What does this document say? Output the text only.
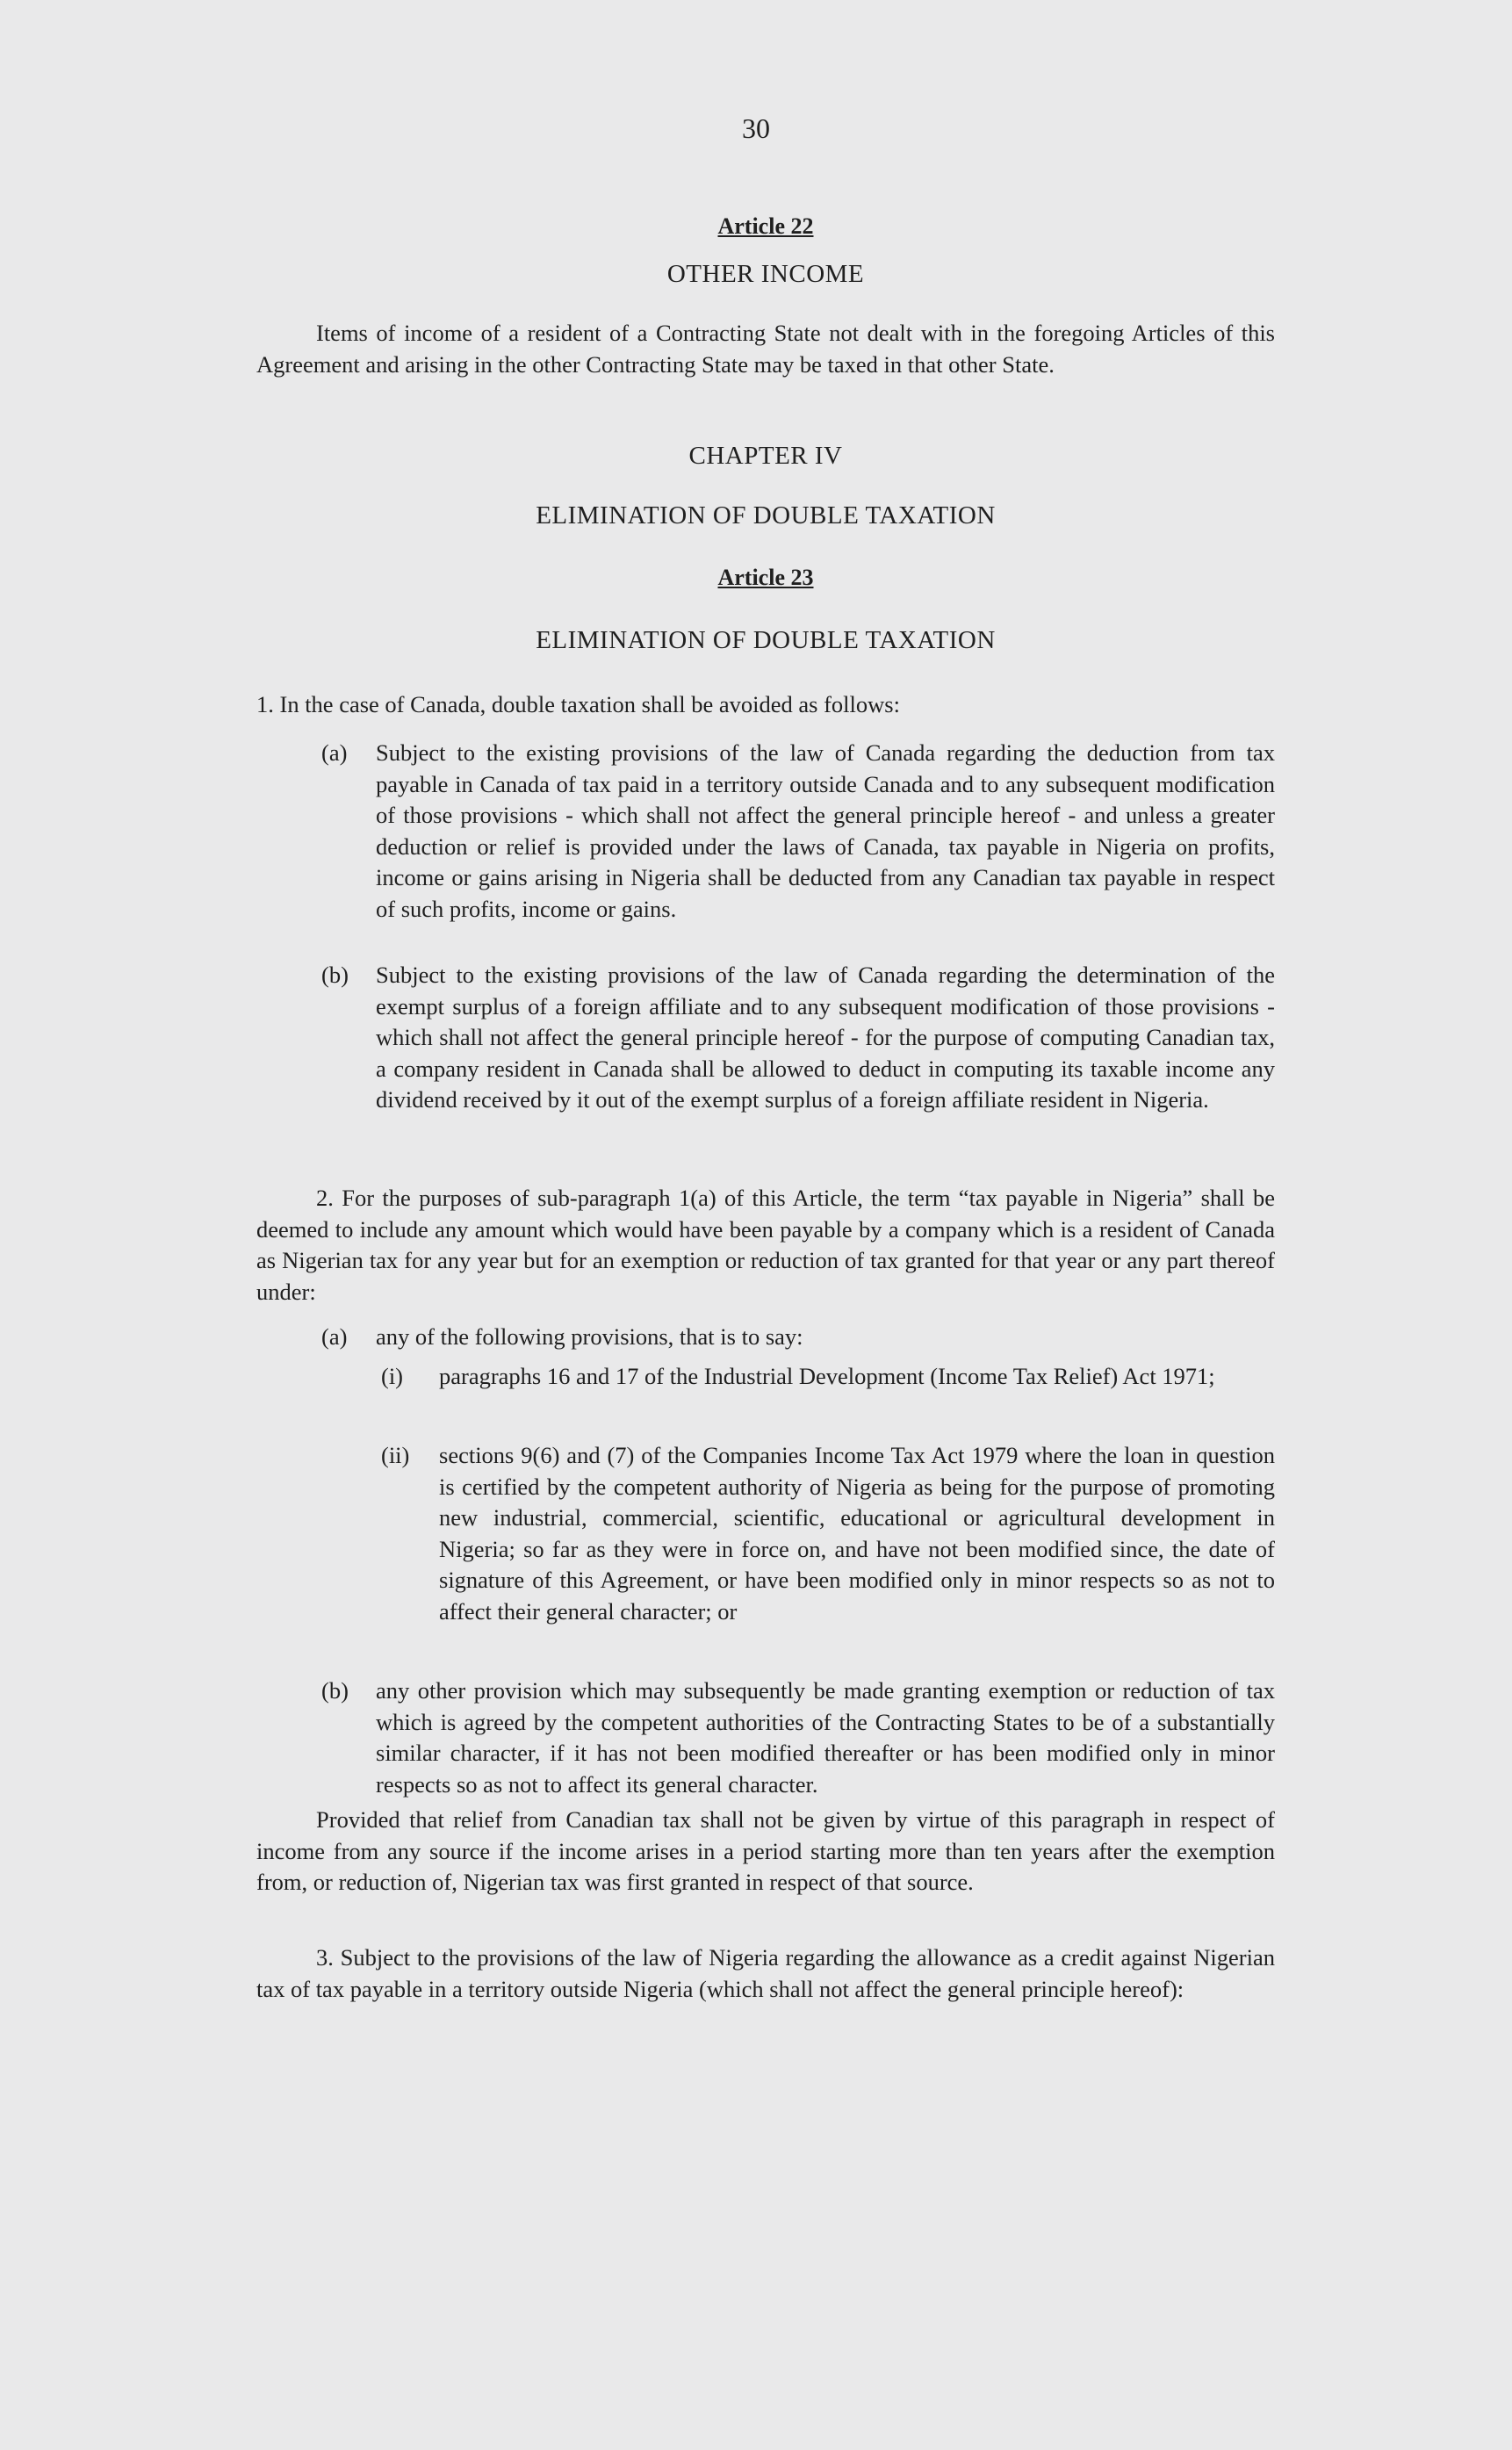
30
Article 22
OTHER INCOME

Items of income of a resident of a Contracting State not dealt with in the foregoing Articles of this Agreement and arising in the other Contracting State may be taxed in that other State.

CHAPTER IV
ELIMINATION OF DOUBLE TAXATION
Article 23
ELIMINATION OF DOUBLE TAXATION

1. In the case of Canada, double taxation shall be avoided as follows:

(a) Subject to the existing provisions of the law of Canada regarding the deduction from tax payable in Canada of tax paid in a territory outside Canada and to any subsequent modification of those provisions - which shall not affect the general principle hereof - and unless a greater deduction or relief is provided under the laws of Canada, tax payable in Nigeria on profits, income or gains arising in Nigeria shall be deducted from any Canadian tax payable in respect of such profits, income or gains.
(b) Subject to the existing provisions of the law of Canada regarding the determination of the exempt surplus of a foreign affiliate and to any subsequent modification of those provisions - which shall not affect the general principle hereof - for the purpose of computing Canadian tax, a company resident in Canada shall be allowed to deduct in computing its taxable income any dividend received by it out of the exempt surplus of a foreign affiliate resident in Nigeria.

2. For the purposes of sub-paragraph 1(a) of this Article, the term “tax payable in Nigeria” shall be deemed to include any amount which would have been payable by a company which is a resident of Canada as Nigerian tax for any year but for an exemption or reduction of tax granted for that year or any part thereof under:

(a) any of the following provisions, that is to say:
(i) paragraphs 16 and 17 of the Industrial Development (Income Tax Relief) Act 1971;
(ii) sections 9(6) and (7) of the Companies Income Tax Act 1979 where the loan in question is certified by the competent authority of Nigeria as being for the purpose of promoting new industrial, commercial, scientific, educational or agricultural development in Nigeria; so far as they were in force on, and have not been modified since, the date of signature of this Agreement, or have been modified only in minor respects so as not to affect their general character; or
(b) any other provision which may subsequently be made granting exemption or reduction of tax which is agreed by the competent authorities of the Contracting States to be of a substantially similar character, if it has not been modified thereafter or has been modified only in minor respects so as not to affect its general character.

Provided that relief from Canadian tax shall not be given by virtue of this paragraph in respect of income from any source if the income arises in a period starting more than ten years after the exemption from, or reduction of, Nigerian tax was first granted in respect of that source.

3. Subject to the provisions of the law of Nigeria regarding the allowance as a credit against Nigerian tax of tax payable in a territory outside Nigeria (which shall not affect the general principle hereof):
